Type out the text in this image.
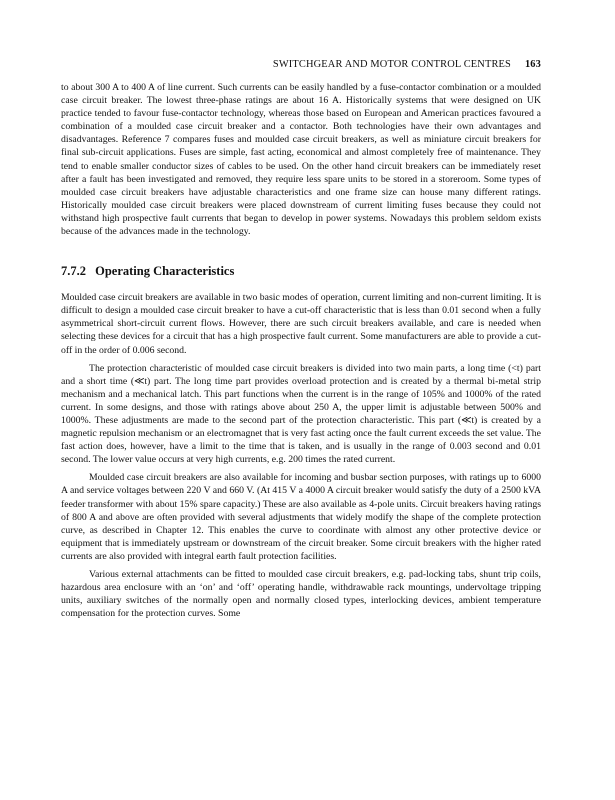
SWITCHGEAR AND MOTOR CONTROL CENTRES 163

to about 300 A to 400 A of line current. Such currents can be easily handled by a fuse-contactor combination or a moulded case circuit breaker. The lowest three-phase ratings are about 16 A. Historically systems that were designed on UK practice tended to favour fuse-contactor technology, whereas those based on European and American practices favoured a combination of a moulded case circuit breaker and a contactor. Both technologies have their own advantages and disadvantages. Reference 7 compares fuses and moulded case circuit breakers, as well as miniature circuit breakers for final sub-circuit applications. Fuses are simple, fast acting, economical and almost completely free of maintenance. They tend to enable smaller conductor sizes of cables to be used. On the other hand circuit breakers can be immediately reset after a fault has been investigated and removed, they require less spare units to be stored in a storeroom. Some types of moulded case circuit breakers have adjustable characteristics and one frame size can house many different ratings. Historically moulded case circuit breakers were placed downstream of current limiting fuses because they could not withstand high prospective fault currents that began to develop in power systems. Nowadays this problem seldom exists because of the advances made in the technology.

7.7.2 Operating Characteristics

Moulded case circuit breakers are available in two basic modes of operation, current limiting and non-current limiting. It is difficult to design a moulded case circuit breaker to have a cut-off characteristic that is less than 0.01 second when a fully asymmetrical short-circuit current flows. However, there are such circuit breakers available, and care is needed when selecting these devices for a circuit that has a high prospective fault current. Some manufacturers are able to provide a cut-off in the order of 0.006 second.

The protection characteristic of moulded case circuit breakers is divided into two main parts, a long time (<t) part and a short time (≪t) part. The long time part provides overload protection and is created by a thermal bi-metal strip mechanism and a mechanical latch. This part functions when the current is in the range of 105% and 1000% of the rated current. In some designs, and those with ratings above about 250 A, the upper limit is adjustable between 500% and 1000%. These adjustments are made to the second part of the protection characteristic. This part (≪t) is created by a magnetic repulsion mechanism or an electromagnet that is very fast acting once the fault current exceeds the set value. The fast action does, however, have a limit to the time that is taken, and is usually in the range of 0.003 second and 0.01 second. The lower value occurs at very high currents, e.g. 200 times the rated current.

Moulded case circuit breakers are also available for incoming and busbar section purposes, with ratings up to 6000 A and service voltages between 220 V and 660 V. (At 415 V a 4000 A circuit breaker would satisfy the duty of a 2500 kVA feeder transformer with about 15% spare capacity.) These are also available as 4-pole units. Circuit breakers having ratings of 800 A and above are often provided with several adjustments that widely modify the shape of the complete protection curve, as described in Chapter 12. This enables the curve to coordinate with almost any other protective device or equipment that is immediately upstream or downstream of the circuit breaker. Some circuit breakers with the higher rated currents are also provided with integral earth fault protection facilities.

Various external attachments can be fitted to moulded case circuit breakers, e.g. pad-locking tabs, shunt trip coils, hazardous area enclosure with an ‘on’ and ‘off’ operating handle, withdrawable rack mountings, undervoltage tripping units, auxiliary switches of the normally open and normally closed types, interlocking devices, ambient temperature compensation for the protection curves. Some
